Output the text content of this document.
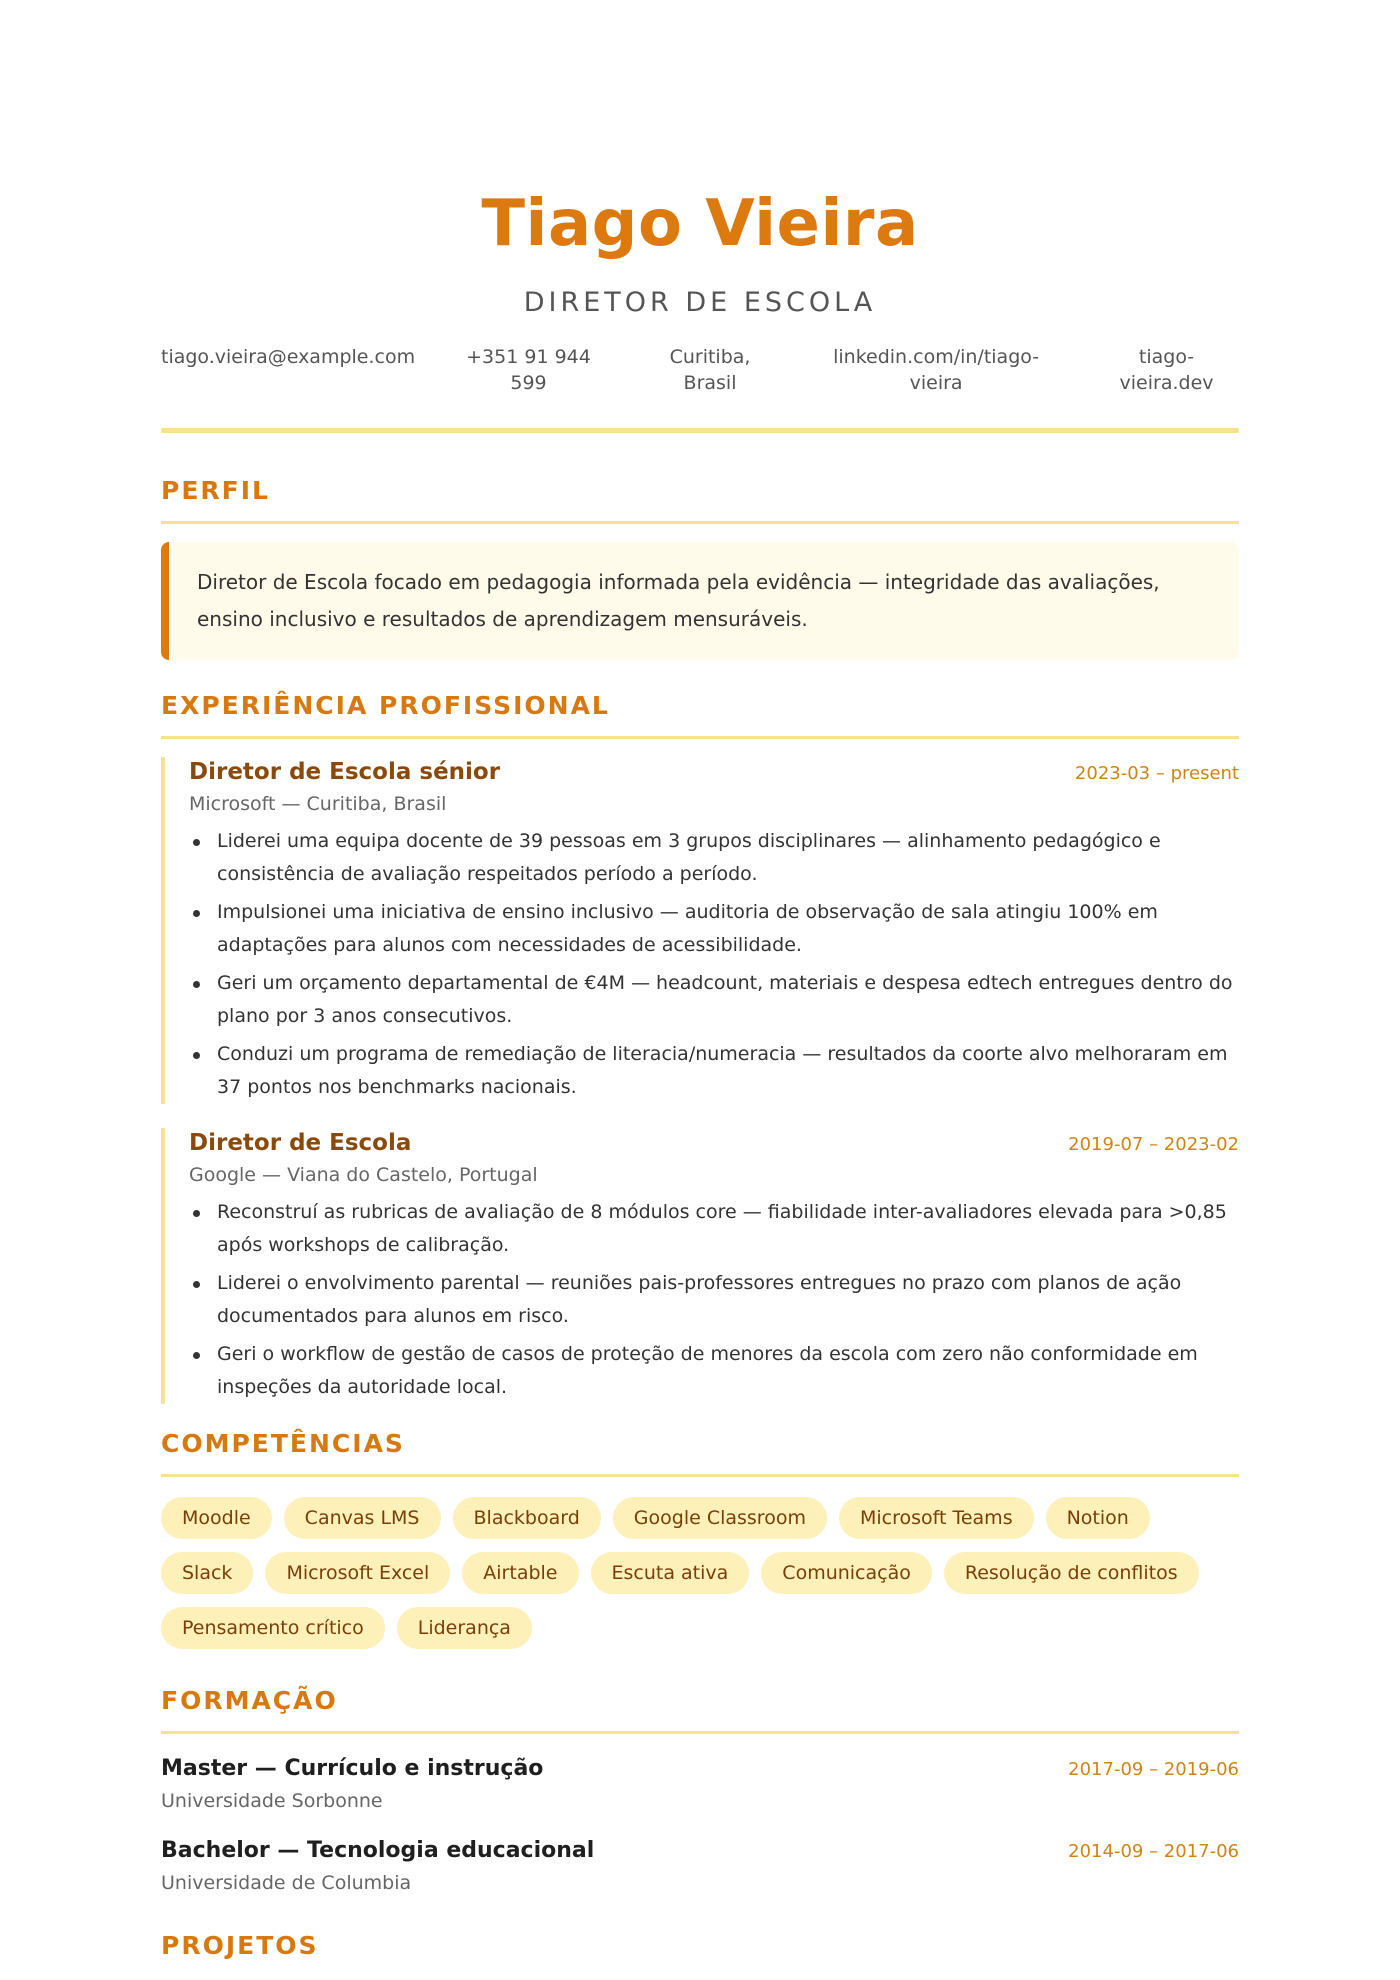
Tiago Vieira
DIRETOR DE ESCOLA
tiago.vieira@example.com	+351 91 944 599
Curitiba, Brasil
linkedin.com/in/tiago-vieira
tiago-vieira.dev
PERFIL
Diretor de Escola focado em pedagogia informada pela evidência — integridade das avaliações, ensino inclusivo e resultados de aprendizagem mensuráveis.
EXPERIÊNCIA PROFISSIONAL
Diretor de Escola sénior	2023-03 – present
Microsoft — Curitiba, Brasil
Liderei uma equipa docente de 39 pessoas em 3 grupos disciplinares — alinhamento pedagógico e consistência de avaliação respeitados período a período.
Impulsionei uma iniciativa de ensino inclusivo — auditoria de observação de sala atingiu 100% em adaptações para alunos com necessidades de acessibilidade.
Geri um orçamento departamental de €4M — headcount, materiais e despesa edtech entregues dentro do plano por 3 anos consecutivos.
Conduzi um programa de remediação de literacia/numeracia — resultados da coorte alvo melhoraram em 37 pontos nos benchmarks nacionais.
Diretor de Escola	2019-07 – 2023-02
Google — Viana do Castelo, Portugal
Reconstruí as rubricas de avaliação de 8 módulos core — fiabilidade inter-avaliadores elevada para >0,85 após workshops de calibração.
Liderei o envolvimento parental — reuniões pais-professores entregues no prazo com planos de ação documentados para alunos em risco.
Geri o workflow de gestão de casos de proteção de menores da escola com zero não conformidade em inspeções da autoridade local.
COMPETÊNCIAS
Moodle	Canvas LMS	Blackboard	Google Classroom	Microsoft Teams	Notion
Slack	Microsoft Excel	Airtable	Escuta ativa	Comunicação	Resolução de conflitos
Pensamento crítico	Liderança
FORMAÇÃO
Master — Currículo e instrução	2017-09 – 2019-06
Universidade Sorbonne
Bachelor — Tecnologia educacional	2014-09 – 2017-06
Universidade de Columbia
PROJETOS
